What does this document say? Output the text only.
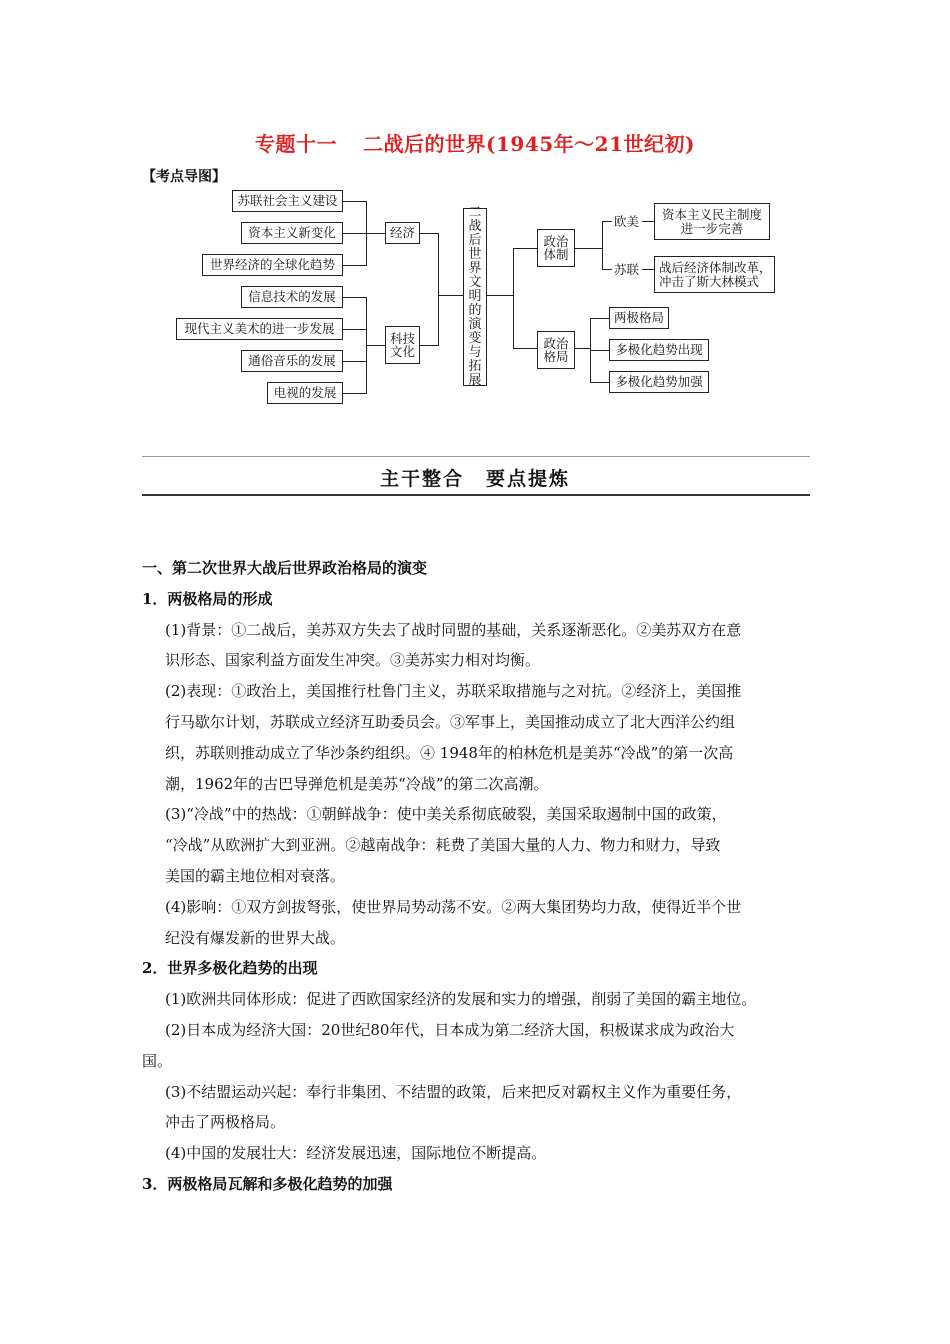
专题十一 二战后的世界(1945年～21世纪初)
【考点导图】
苏联社会主义建设
资本主义新变化
世界经济的全球化趋势
信息技术的发展
现代主义美术的进一步发展
通俗音乐的发展
电视的发展
经济
科技
文化
二
战
后
世
界
文
明
的
演
变
与
拓
展
政治
体制
欧美
苏联
资本主义民主制度
进一步完善
战后经济体制改革，
冲击了斯大林模式
政治
格局
两极格局
多极化趋势出现
多极化趋势加强
主干整合 要点提炼

一、第二次世界大战后世界政治格局的演变

1．两极格局的形成

(1)背景：①二战后，美苏双方失去了战时同盟的基础，关系逐渐恶化。②美苏双方在意

识形态、国家利益方面发生冲突。③美苏实力相对均衡。

(2)表现：①政治上，美国推行杜鲁门主义，苏联采取措施与之对抗。②经济上，美国推

行马歇尔计划，苏联成立经济互助委员会。③军事上，美国推动成立了北大西洋公约组

织，苏联则推动成立了华沙条约组织。④ 1948年的柏林危机是美苏“冷战”的第一次高

潮，1962年的古巴导弹危机是美苏“冷战”的第二次高潮。

(3)“冷战”中的热战：①朝鲜战争：使中美关系彻底破裂，美国采取遏制中国的政策，

“冷战”从欧洲扩大到亚洲。②越南战争：耗费了美国大量的人力、物力和财力，导致

美国的霸主地位相对衰落。

(4)影响：①双方剑拔弩张，使世界局势动荡不安。②两大集团势均力敌，使得近半个世

纪没有爆发新的世界大战。

2．世界多极化趋势的出现

(1)欧洲共同体形成：促进了西欧国家经济的发展和实力的增强，削弱了美国的霸主地位。

(2)日本成为经济大国：20世纪80年代，日本成为第二经济大国，积极谋求成为政治大

国。

(3)不结盟运动兴起：奉行非集团、不结盟的政策，后来把反对霸权主义作为重要任务，

冲击了两极格局。

(4)中国的发展壮大：经济发展迅速，国际地位不断提高。

3．两极格局瓦解和多极化趋势的加强
